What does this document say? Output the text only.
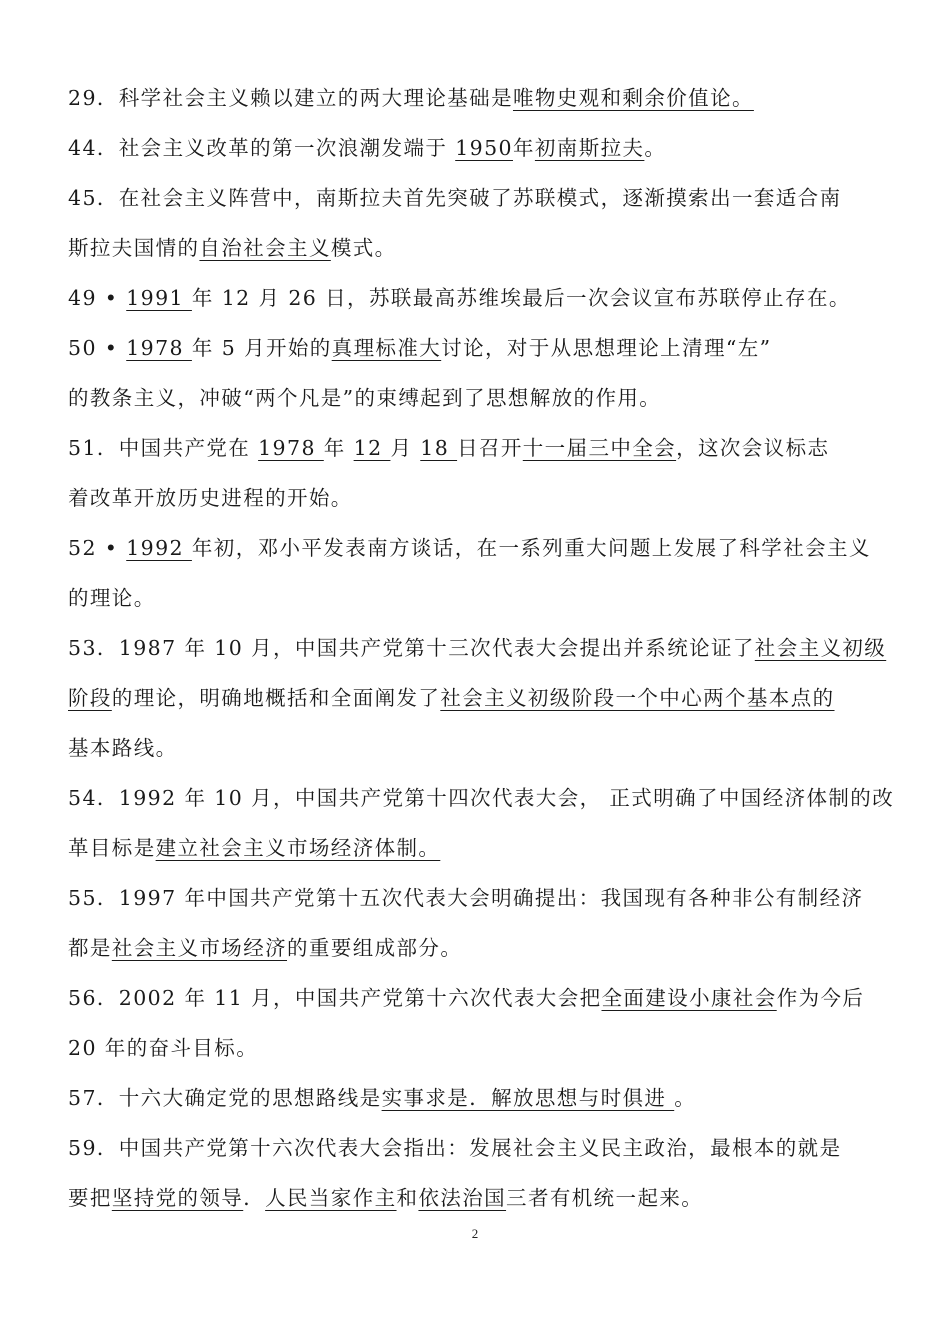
29．科学社会主义赖以建立的两大理论基础是唯物史观和剩余价值论。
44．社会主义改革的第一次浪潮发端于 1950年初南斯拉夫。
45．在社会主义阵营中，南斯拉夫首先突破了苏联模式，逐渐摸索出一套适合南
斯拉夫国情的自治社会主义模式。
49 • 1991 年 12 月 26 日，苏联最高苏维埃最后一次会议宣布苏联停止存在。
50 • 1978 年 5 月开始的真理标准大讨论，对于从思想理论上清理“左”
的教条主义，冲破“两个凡是”的束缚起到了思想解放的作用。
51．中国共产党在 1978 年 12 月 18 日召开十一届三中全会，这次会议标志
着改革开放历史进程的开始。
52 • 1992 年初，邓小平发表南方谈话，在一系列重大问题上发展了科学社会主义
的理论。
53．1987 年 10 月，中国共产党第十三次代表大会提出并系统论证了社会主义初级
阶段的理论，明确地概括和全面阐发了社会主义初级阶段一个中心两个基本点的
基本路线。
54．1992 年 10 月，中国共产党第十四次代表大会， 正式明确了中国经济体制的改
革目标是建立社会主义市场经济体制。
55．1997 年中国共产党第十五次代表大会明确提出：我国现有各种非公有制经济
都是社会主义市场经济的重要组成部分。
56．2002 年 11 月，中国共产党第十六次代表大会把全面建设小康社会作为今后
20 年的奋斗目标。
57．十六大确定党的思想路线是实事求是．解放思想与时俱进 。
59．中国共产党第十六次代表大会指出：发展社会主义民主政治，最根本的就是
要把坚持党的领导．人民当家作主和依法治国三者有机统一起来。
2
